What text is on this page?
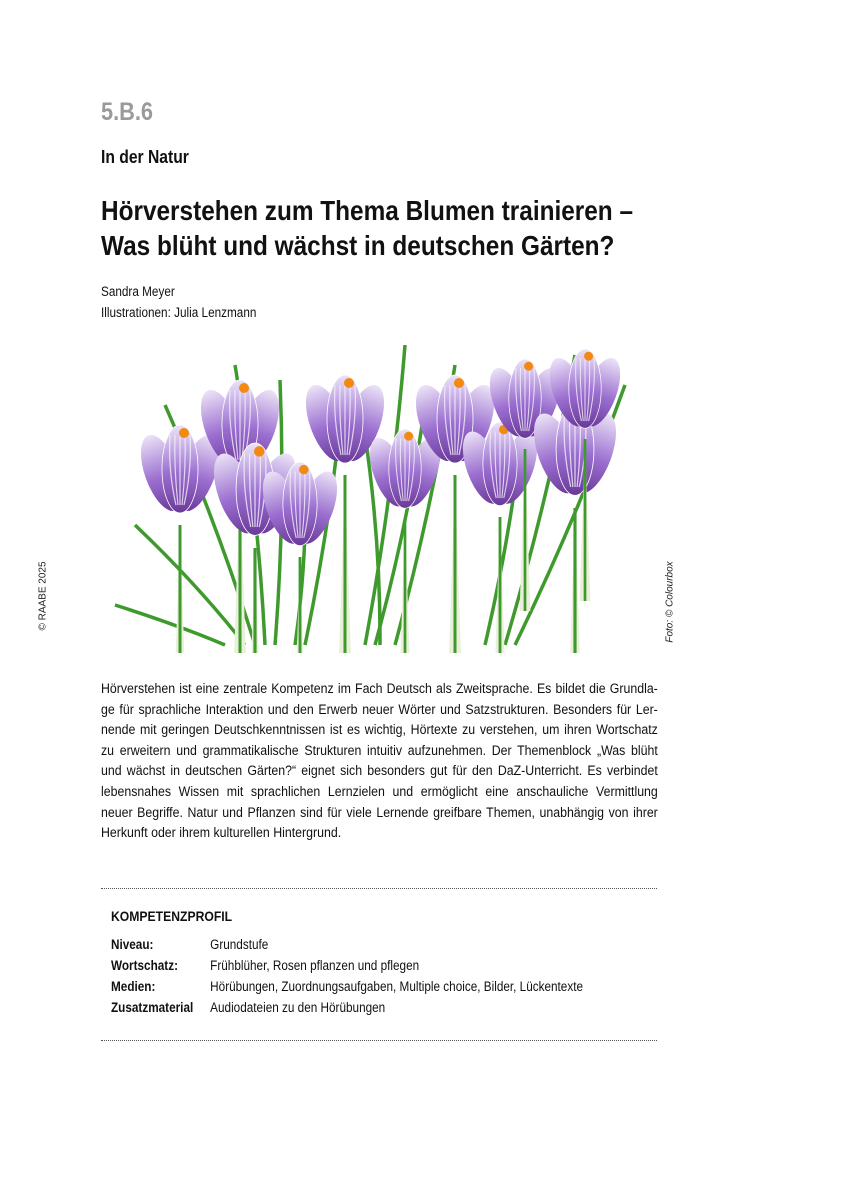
5.B.6
In der Natur
Hörverstehen zum Thema Blumen trainieren –
Was blüht und wächst in deutschen Gärten?
Sandra Meyer
Illustrationen: Julia Lenzmann
© RAABE 2025	Foto: © Colourbox
Hörverstehen ist eine zentrale Kompetenz im Fach Deutsch als Zweitsprache. Es bildet die Grundla-
ge für sprachliche Interaktion und den Erwerb neuer Wörter und Satzstrukturen. Besonders für Ler-
nende mit geringen Deutschkenntnissen ist es wichtig, Hörtexte zu verstehen, um ihren Wortschatz
zu erweitern und grammatikalische Strukturen intuitiv aufzunehmen. Der Themenblock „Was blüht
und wächst in deutschen Gärten?“ eignet sich besonders gut für den DaZ-Unterricht. Es verbindet
lebensnahes Wissen mit sprachlichen Lernzielen und ermöglicht eine anschauliche Vermittlung
neuer Begriffe. Natur und Pflanzen sind für viele Lernende greifbare Themen, unabhängig von ihrer
Herkunft oder ihrem kulturellen Hintergrund.
KOMPETENZPROFIL
Niveau:	Grundstufe
Wortschatz:	Frühblüher, Rosen pflanzen und pflegen
Medien:	Hörübungen, Zuordnungsaufgaben, Multiple choice, Bilder, Lückentexte
Zusatzmaterial	Audiodateien zu den Hörübungen
